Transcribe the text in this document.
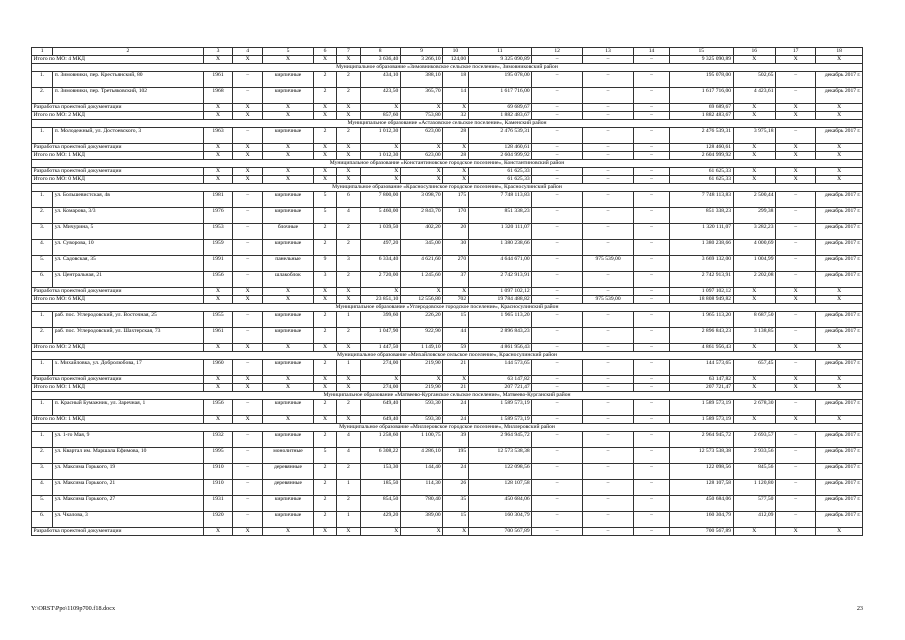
1	2	3	4	5	6	7	8	9	10	11	12	13	14	15	16	17	18
Итого по МО: 4 МКД		Х	Х	Х	Х	Х	3 636,40	3 266,10	124,00	9 325 090,89	–	–	–	9 325 090,89	Х	Х	Х
Муниципальное образование «Зимовниковское сельское поселение», Зимовниковский район																	
1.	п. Зимовники, пер. Крестьянский, 80	1961	–	кирпичные	2	2	434,10	388,10	18	195 078,00	–	–	–	195 078,00	502,65	–	декабрь 2017 г.
2.	п. Зимовники, пер. Третьяковский, 102	1968	–	кирпичные	2	2	423,50	365,70	14	1 617 716,00	–	–	–	1 617 716,00	4 423,61	–	декабрь 2017 г.
Разработка проектной документации		Х	Х	Х	Х	Х	Х	Х	Х	69 689,67	–	–	–	69 689,67	Х	Х	Х
Итого по МО: 2 МКД		Х	Х	Х	Х	Х	857,60	753,80	32	1 882 483,67	–	–	–	1 882 483,67	Х	Х	Х
Муниципальное образование «Астаховское сельское поселение», Каменский район																	
1.	п. Молодежный, ул. Достоевского, 3	1963	–	кирпичные	2	2	1 012,30	623,00	28	2 476 539,31	–	–	–	2 476 539,31	3 975,18	–	декабрь 2017 г.
Разработка проектной документации		Х	Х	Х	Х	Х	Х	Х	Х	128 460,61	–	–	–	128 460,61	Х	Х	Х
Итого по МО: 1 МКД		Х	Х	Х	Х	Х	1 012,30	623,00	28	2 604 999,92	–	–	–	2 604 999,92	Х	Х	Х
Муниципальное образование «Константиновское городское поселение», Константиновский район																	
Разработка проектной документации		Х	Х	Х	Х	Х	Х	Х	Х	61 625,33	–	–	–	61 625,33	Х	Х	Х
Итого по МО: 0 МКД		Х	Х	Х	Х	Х	Х	Х	Х	61 625,33	–	–	–	61 625,33	Х	Х	Х
Муниципальное образование «Красносулинское городское поселение», Красносулинский район																	
1.	ул. Большевистская, 4в	1981	–	кирпичные	5	6	7 800,00	3 098,70	175	7 748 113,83	–	–	–	7 748 113,83	2 500,44	–	декабрь 2017 г.
2.	ул. Комарова, 3/3	1976	–	кирпичные	5	4	5 460,00	2 843,70	170	851 338,23	–	–	–	851 338,23	299,38	–	декабрь 2017 г.
3.	ул. Мичурина, 5	1953	–	блочные	2	2	1 039,50	402,20	20	1 320 111,07	–	–	–	1 320 111,07	3 282,23	–	декабрь 2017 г.
4.	ул. Суворова, 10	1959	–	кирпичные	2	2	497,20	345,00	30	1 380 238,66	–	–	–	1 380 238,66	4 000,69	–	декабрь 2017 г.
5.	ул. Садовская, 35	1991	–	панельные	9	3	6 334,40	4 621,60	270	4 644 671,00	–	975 539,00	–	3 669 132,00	1 004,99	–	декабрь 2017 г.
6.	ул. Центральная, 21	1956	–	шлакоблок	3	2	2 720,00	1 245,60	37	2 742 913,91	–	–	–	2 742 913,91	2 202,08	–	декабрь 2017 г.
Разработка проектной документации		Х	Х	Х	Х	Х	Х	Х	Х	1 097 102,12	–	–	–	1 097 102,12	Х	Х	Х
Итого по МО: 6 МКД		Х	Х	Х	Х	Х	23 851,10	12 556,80	702	19 784 488,82	–	975 539,00	–	18 808 949,82	Х	Х	Х
Муниципальное образование «Углеродовское городское поселение», Красносулинский район																	
1.	раб. пос. Углеродовский, ул. Восточная, 25	1955	–	кирпичные	2	1	399,60	226,20	15	1 965 113,20	–	–	–	1 965 113,20	8 687,50	–	декабрь 2017 г.
2.	раб. пос. Углеродовский, ул. Шахтерская, 73	1961	–	кирпичные	2	2	1 047,90	922,90	44	2 896 843,23	–	–	–	2 896 843,23	3 138,85	–	декабрь 2017 г.
Итого по МО: 2 МКД		Х	Х	Х	Х	Х	1 447,50	1 149,10	59	4 861 956,43	–	–	–	4 861 956,43	Х	Х	Х
Муниципальное образование «Михайловское сельское поселение», Красносулинский район																	
1.	х. Михайловка, ул. Добролюбова, 17	1960	–	кирпичные	2	1	274,00	219,90	21	144 573,65	–	–	–	144 573,65	657,45	–	декабрь 2017 г.
Разработка проектной документации		Х	Х	Х	Х	Х	Х	Х	Х	63 147,82	–	–	–	63 147,82	Х	Х	Х
Итого по МО: 1 МКД		Х	Х	Х	Х	Х	274,00	219,90	21	207 721,47	–	–	–	207 721,47	Х	Х	Х
Муниципальное образование «Матвеево-Курганское сельское поселение», Матвеево-Курганский район																	
1.	п. Красный Бумажник, ул. Заречная, 1	1956	–	кирпичные	2	2	649,40	593,30	24	1 589 573,19	–	–	–	1 589 573,19	2 678,30	–	декабрь 2017 г.
Итого по МО: 1 МКД		Х	Х	Х	Х	Х	649,40	593,30	24	1 589 573,19	–	–	–	1 589 573,19	Х	Х	Х
Муниципальное образование «Миллеровское городское поселение», Миллеровский район																	
1.	ул. 1-го Мая, 9	1932	–	кирпичные	2	4	1 258,60	1 100,75	39	2 964 945,72	–	–	–	2 964 945,72	2 693,57	–	декабрь 2017 г.
2.	ул. Квартал им. Маршала Ефимова, 10	1995	–	монолитные	5	4	6 308,22	4 286,10	195	12 573 538,38	–	–	–	12 573 538,38	2 933,56	–	декабрь 2017 г.
3.	ул. Максима Горького, 19	1910	–	деревянные	2	2	153,30	144,40	24	122 098,56	–	–	–	122 098,56	845,56	–	декабрь 2017 г.
4.	ул. Максима Горького, 21	1910	–	деревянные	2	1	185,50	114,30	26	128 107,58	–	–	–	128 107,58	1 120,80	–	декабрь 2017 г.
5.	ул. Максима Горького, 27	1931	–	кирпичные	2	2	854,50	780,40	35	450 684,06	–	–	–	450 684,06	577,50	–	декабрь 2017 г.
6.	ул. Чкалова, 3	1920	–	кирпичные	2	1	429,20	389,00	15	160 304,79	–	–	–	160 304,79	412,09	–	декабрь 2017 г.
Разработка проектной документации		Х	Х	Х	Х	Х	Х	Х	Х	700 567,89	–	–	–	700 567,89	Х	Х	Х
Y:\ORST\Ppo\1109p700.f18.docx	23
